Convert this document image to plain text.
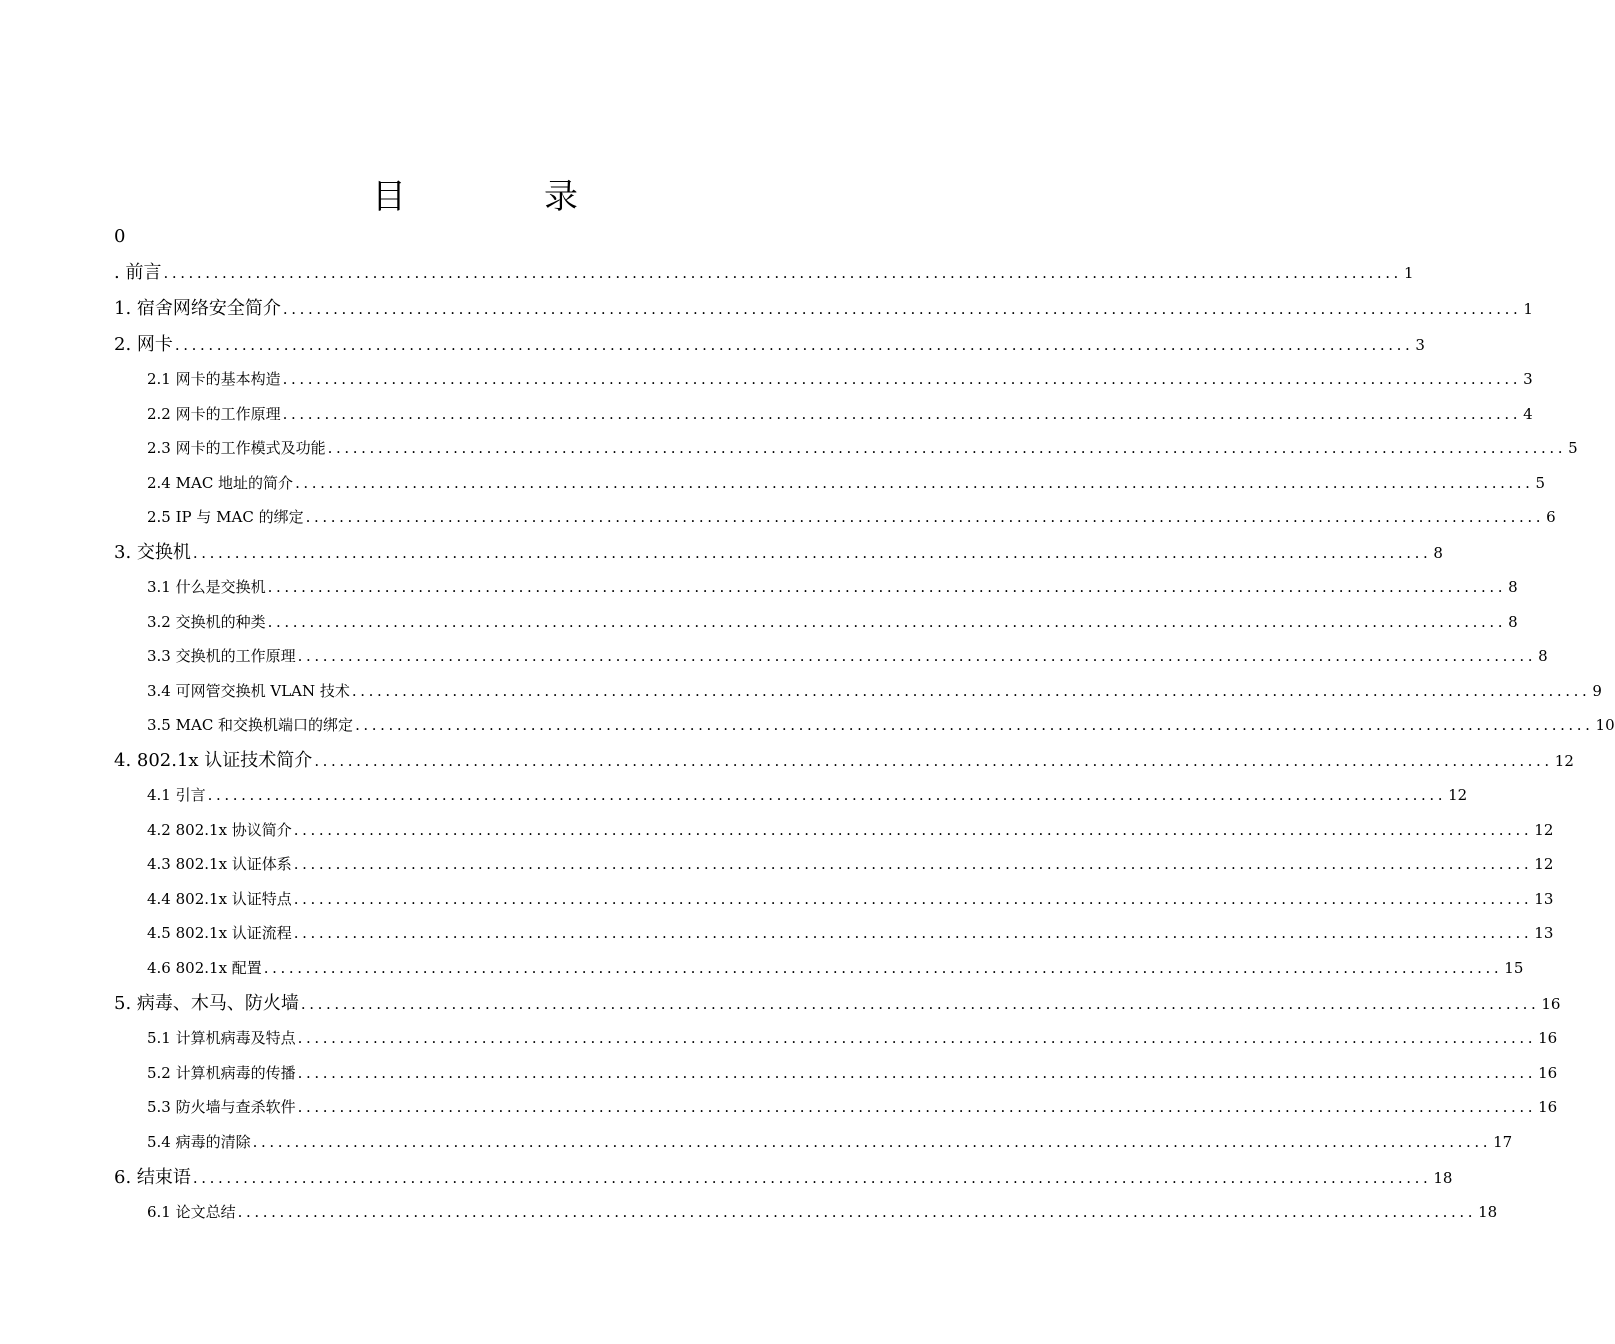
目　录
0
. 前言 .................................................................................................................................................... 1
1. 宿舍网络安全简介 .................................................................................................................................................... 1
2. 网卡 .................................................................................................................................................... 3
2.1 网卡的基本构造 .................................................................................................................................................... 3
2.2 网卡的工作原理 .................................................................................................................................................... 4
2.3 网卡的工作模式及功能 .................................................................................................................................................... 5
2.4 MAC 地址的简介 .................................................................................................................................................... 5
2.5 IP 与 MAC 的绑定 .................................................................................................................................................... 6
3. 交换机 .................................................................................................................................................... 8
3.1 什么是交换机 .................................................................................................................................................... 8
3.2 交换机的种类 .................................................................................................................................................... 8
3.3 交换机的工作原理 .................................................................................................................................................... 8
3.4 可网管交换机 VLAN 技术 .................................................................................................................................................... 9
3.5 MAC 和交换机端口的绑定 .................................................................................................................................................... 10
4. 802.1x 认证技术简介 .................................................................................................................................................... 12
4.1 引言 .................................................................................................................................................... 12
4.2 802.1x 协议简介 .................................................................................................................................................... 12
4.3 802.1x 认证体系 .................................................................................................................................................... 12
4.4 802.1x 认证特点 .................................................................................................................................................... 13
4.5 802.1x 认证流程 .................................................................................................................................................... 13
4.6 802.1x 配置 .................................................................................................................................................... 15
5. 病毒、木马、防火墙 .................................................................................................................................................... 16
5.1 计算机病毒及特点 .................................................................................................................................................... 16
5.2 计算机病毒的传播 .................................................................................................................................................... 16
5.3 防火墙与查杀软件 .................................................................................................................................................... 16
5.4 病毒的清除 .................................................................................................................................................... 17
6. 结束语 .................................................................................................................................................... 18
6.1 论文总结 .................................................................................................................................................... 18
